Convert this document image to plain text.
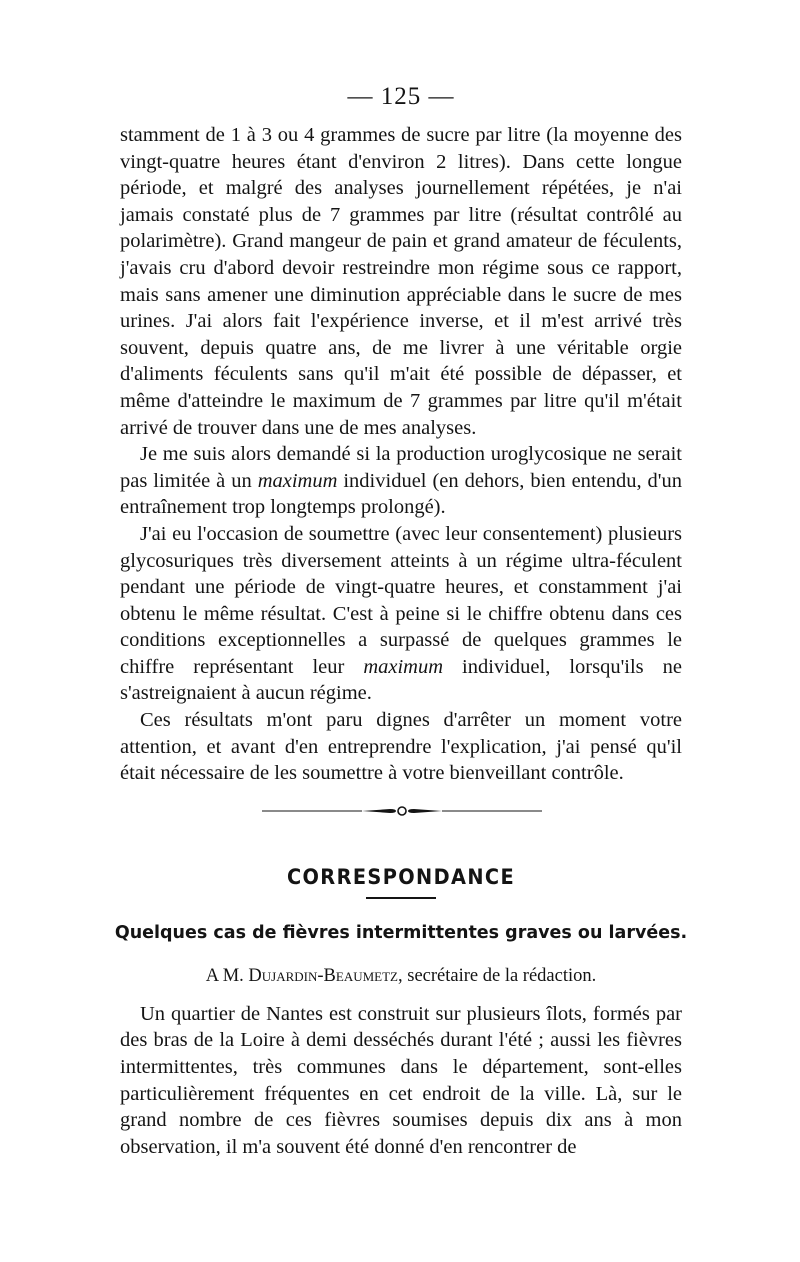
— 125 —

stamment de 1 à 3 ou 4 grammes de sucre par litre (la moyenne des vingt-quatre heures étant d'environ 2 litres). Dans cette longue période, et malgré des analyses journellement répétées, je n'ai jamais constaté plus de 7 grammes par litre (résultat contrôlé au polarimètre). Grand mangeur de pain et grand amateur de féculents, j'avais cru d'abord devoir restreindre mon régime sous ce rapport, mais sans amener une diminution appréciable dans le sucre de mes urines. J'ai alors fait l'expérience inverse, et il m'est arrivé très souvent, depuis quatre ans, de me livrer à une véritable orgie d'aliments féculents sans qu'il m'ait été possible de dépasser, et même d'atteindre le maximum de 7 grammes par litre qu'il m'était arrivé de trouver dans une de mes analyses.

Je me suis alors demandé si la production uroglycosique ne serait pas limitée à un maximum individuel (en dehors, bien entendu, d'un entraînement trop longtemps prolongé).

J'ai eu l'occasion de soumettre (avec leur consentement) plusieurs glycosuriques très diversement atteints à un régime ultra-féculent pendant une période de vingt-quatre heures, et constamment j'ai obtenu le même résultat. C'est à peine si le chiffre obtenu dans ces conditions exceptionnelles a surpassé de quelques grammes le chiffre représentant leur maximum individuel, lorsqu'ils ne s'astreignaient à aucun régime.

Ces résultats m'ont paru dignes d'arrêter un moment votre attention, et avant d'en entreprendre l'explication, j'ai pensé qu'il était nécessaire de les soumettre à votre bienveillant contrôle.

CORRESPONDANCE
Quelques cas de fièvres intermittentes graves ou larvées.
A M. Dujardin-Beaumetz, secrétaire de la rédaction.

Un quartier de Nantes est construit sur plusieurs îlots, formés par des bras de la Loire à demi desséchés durant l'été ; aussi les fièvres intermittentes, très communes dans le département, sont-elles particulièrement fréquentes en cet endroit de la ville. Là, sur le grand nombre de ces fièvres soumises depuis dix ans à mon observation, il m'a souvent été donné d'en rencontrer de
